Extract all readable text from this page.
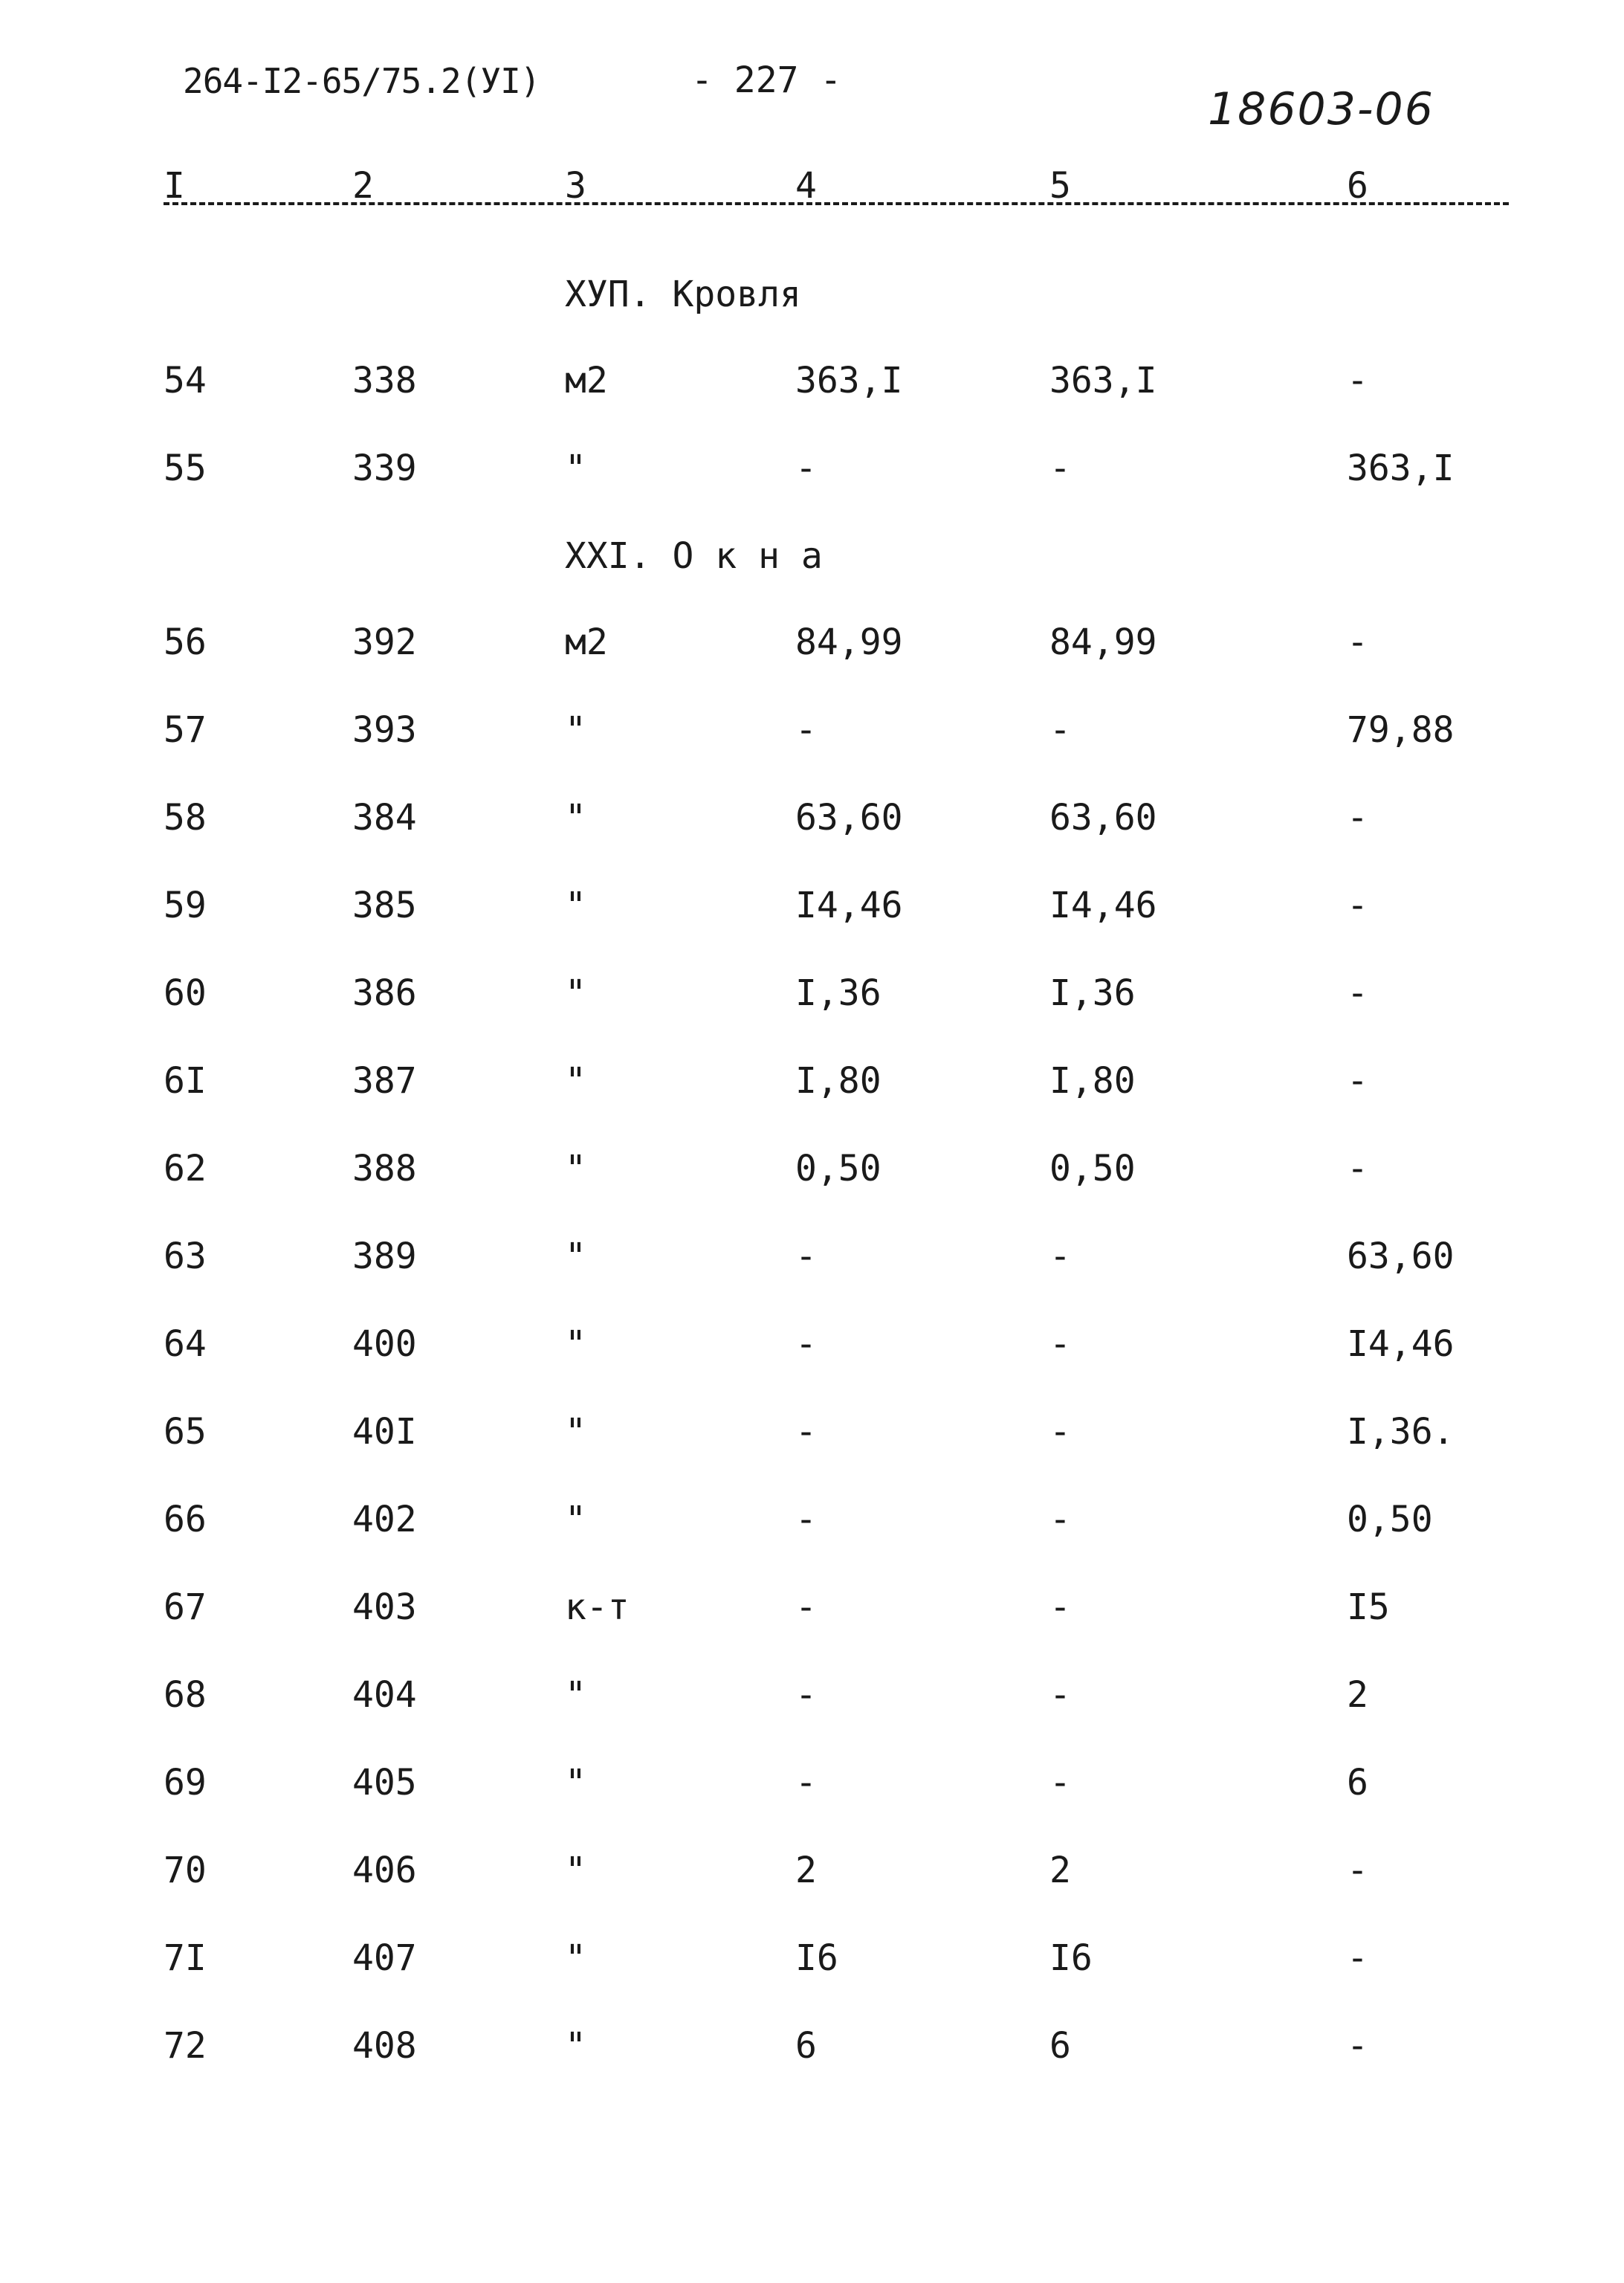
264-I2-65/75.2(УI)	- 227 -
18603-06
I	2	3	4	5	6
ХУП. Кровля
54	338	м2	363,I	363,I	-
55	339	"	-	-	363,I
ХХI. О к н а
56	392	м2	84,99	84,99	-
57	393	"	-	-	79,88
58	384	"	63,60	63,60	-
59	385	"	I4,46	I4,46	-
60	386	"	I,36	I,36	-
6I	387	"	I,80	I,80	-
62	388	"	0,50	0,50	-
63	389	"	-	-	63,60
64	400	"	-	-	I4,46
65	40I	"	-	-	I,36.
66	402	"	-	-	0,50
67	403	к-т	-	-	I5
68	404	"	-	-	2
69	405	"	-	-	6
70	406	"	2	2	-
7I	407	"	I6	I6	-
72	408	"	6	6	-
